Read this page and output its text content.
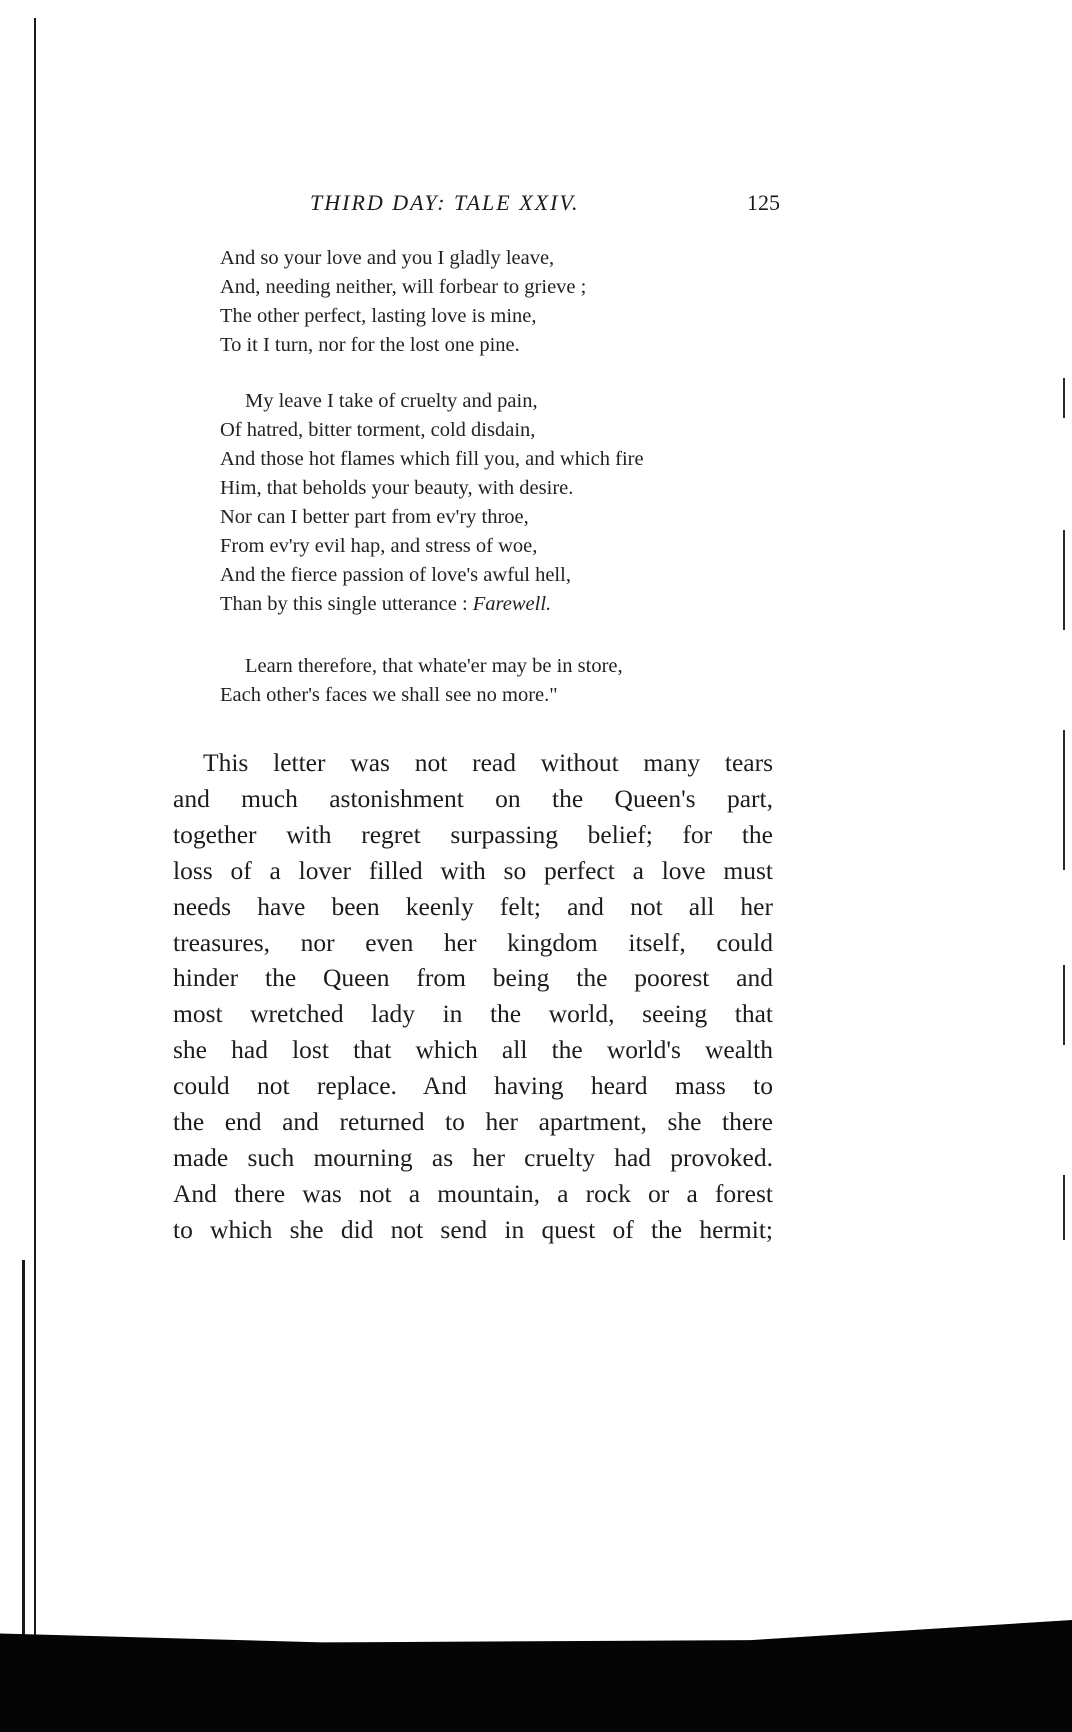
THIRD DAY: TALE XXIV.	125
And so your love and you I gladly leave,
And, needing neither, will forbear to grieve ;
The other perfect, lasting love is mine,
To it I turn, nor for the lost one pine.
My leave I take of cruelty and pain,
Of hatred, bitter torment, cold disdain,
And those hot flames which fill you, and which fire
Him, that beholds your beauty, with desire.
Nor can I better part from ev'ry throe,
From ev'ry evil hap, and stress of woe,
And the fierce passion of love's awful hell,
Than by this single utterance : Farewell.
Learn therefore, that whate'er may be in store,
Each other's faces we shall see no more."
This letter was not read without many tears
and much astonishment on the Queen's part,
together with regret surpassing belief; for the
loss of a lover filled with so perfect a love must
needs have been keenly felt; and not all her
treasures, nor even her kingdom itself, could
hinder the Queen from being the poorest and
most wretched lady in the world, seeing that
she had lost that which all the world's wealth
could not replace. And having heard mass to
the end and returned to her apartment, she there
made such mourning as her cruelty had provoked.
And there was not a mountain, a rock or a forest
to which she did not send in quest of the hermit;
